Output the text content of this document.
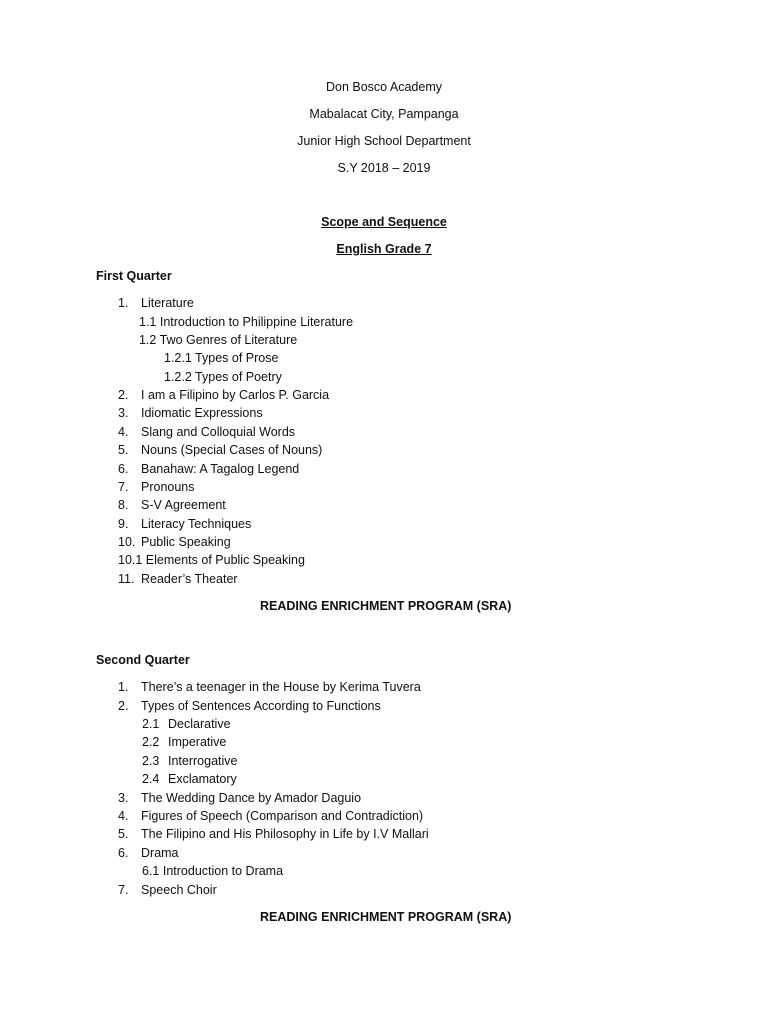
Don Bosco Academy
Mabalacat City, Pampanga
Junior High School Department
S.Y 2018 – 2019
Scope and Sequence
English Grade 7
First Quarter
1. Literature
1.1 Introduction to Philippine Literature
1.2 Two Genres of Literature
1.2.1 Types of Prose
1.2.2 Types of Poetry
2. I am a Filipino by Carlos P. Garcia
3. Idiomatic Expressions
4. Slang and Colloquial Words
5. Nouns (Special Cases of Nouns)
6. Banahaw: A Tagalog Legend
7. Pronouns
8. S-V Agreement
9. Literacy Techniques
10. Public Speaking
10.1 Elements of Public Speaking
11. Reader’s Theater
READING ENRICHMENT PROGRAM (SRA)
Second Quarter
1. There’s a teenager in the House by Kerima Tuvera
2. Types of Sentences According to Functions
2.1 Declarative
2.2 Imperative
2.3 Interrogative
2.4 Exclamatory
3. The Wedding Dance by Amador Daguio
4. Figures of Speech (Comparison and Contradiction)
5. The Filipino and His Philosophy in Life by I.V Mallari
6. Drama
6.1 Introduction to Drama
7. Speech Choir
READING ENRICHMENT PROGRAM (SRA)
